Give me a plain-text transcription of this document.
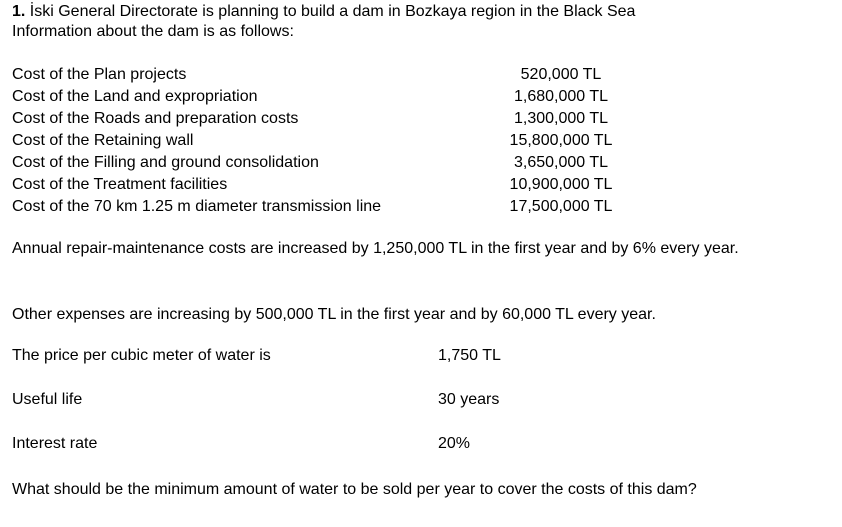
1. İski General Directorate is planning to build a dam in Bozkaya region in the Black Sea
Information about the dam is as follows:
Cost of the Plan projects	520,000 TL
Cost of the Land and expropriation	1,680,000 TL
Cost of the Roads and preparation costs	1,300,000 TL
Cost of the Retaining wall	15,800,000 TL
Cost of the Filling and ground consolidation	3,650,000 TL
Cost of the Treatment facilities	10,900,000 TL
Cost of the 70 km 1.25 m diameter transmission line	17,500,000 TL
Annual repair-maintenance costs are increased by 1,250,000 TL in the first year and by 6% every year.
Other expenses are increasing by 500,000 TL in the first year and by 60,000 TL every year.
The price per cubic meter of water is	1,750 TL
Useful life	30 years
Interest rate	20%
What should be the minimum amount of water to be sold per year to cover the costs of this dam?
